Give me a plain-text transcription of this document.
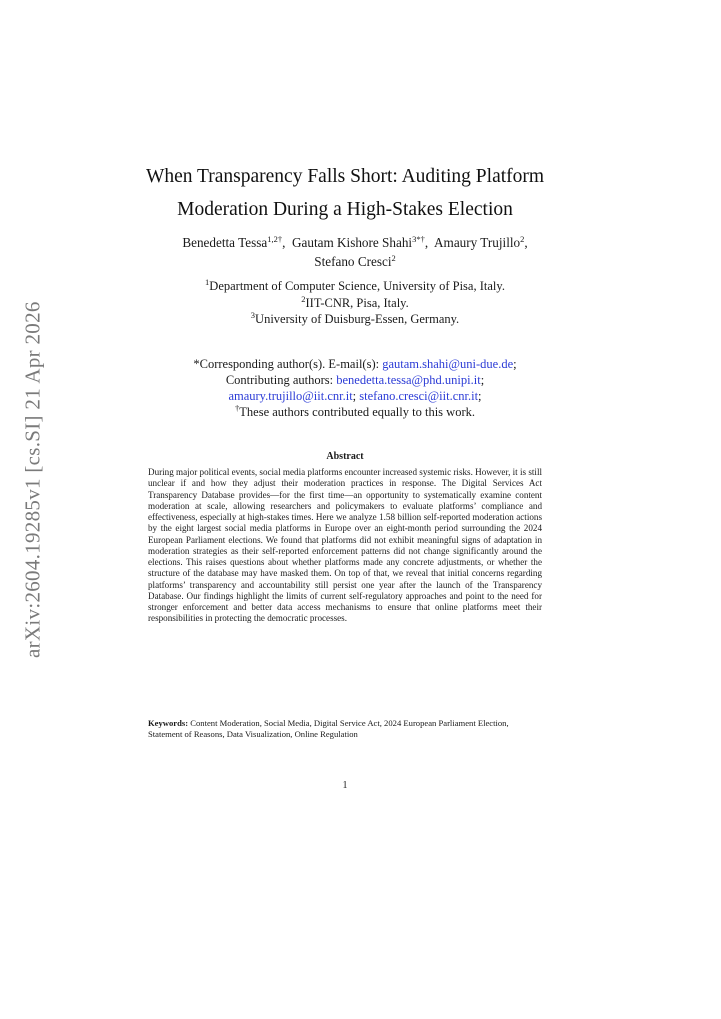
arXiv:2604.19285v1 [cs.SI] 21 Apr 2026
When Transparency Falls Short: Auditing Platform
Moderation During a High-Stakes Election
Benedetta Tessa$^{1,2\dagger}$,  Gautam Kishore Shahi$^{3*\dagger}$,  Amaury Trujillo$^2$,
Stefano Cresci$^2$
$^1$Department of Computer Science, University of Pisa, Italy.
$^2$IIT-CNR, Pisa, Italy.
$^3$University of Duisburg-Essen, Germany.
*Corresponding author(s). E-mail(s): gautam.shahi@uni-due.de;
Contributing authors: benedetta.tessa@phd.unipi.it;
amaury.trujillo@iit.cnr.it; stefano.cresci@iit.cnr.it;
†These authors contributed equally to this work.
Abstract

During major political events, social media platforms encounter increased systemic risks. However, it is still unclear if and how they adjust their moderation practices in response. The Digital Services Act Transparency Database provides—for the first time—an opportunity to systematically examine content moderation at scale, allowing researchers and policymakers to evaluate platforms’ compliance and effectiveness, especially at high-stakes times. Here we analyze 1.58 billion self-reported moderation actions by the eight largest social media platforms in Europe over an eight-month period surrounding the 2024 European Parliament elections. We found that platforms did not exhibit meaningful signs of adaptation in moderation strategies as their self-reported enforcement patterns did not change significantly around the elections. This raises questions about whether platforms made any concrete adjustments, or whether the structure of the database may have masked them. On top of that, we reveal that initial concerns regarding platforms’ transparency and accountability still persist one year after the launch of the Transparency Database. Our findings highlight the limits of current self-regulatory approaches and point to the need for stronger enforcement and better data access mechanisms to ensure that online platforms meet their responsibilities in protecting the democratic processes.

Keywords: Content Moderation, Social Media, Digital Service Act, 2024 European Parliament Election, Statement of Reasons, Data Visualization, Online Regulation
1
